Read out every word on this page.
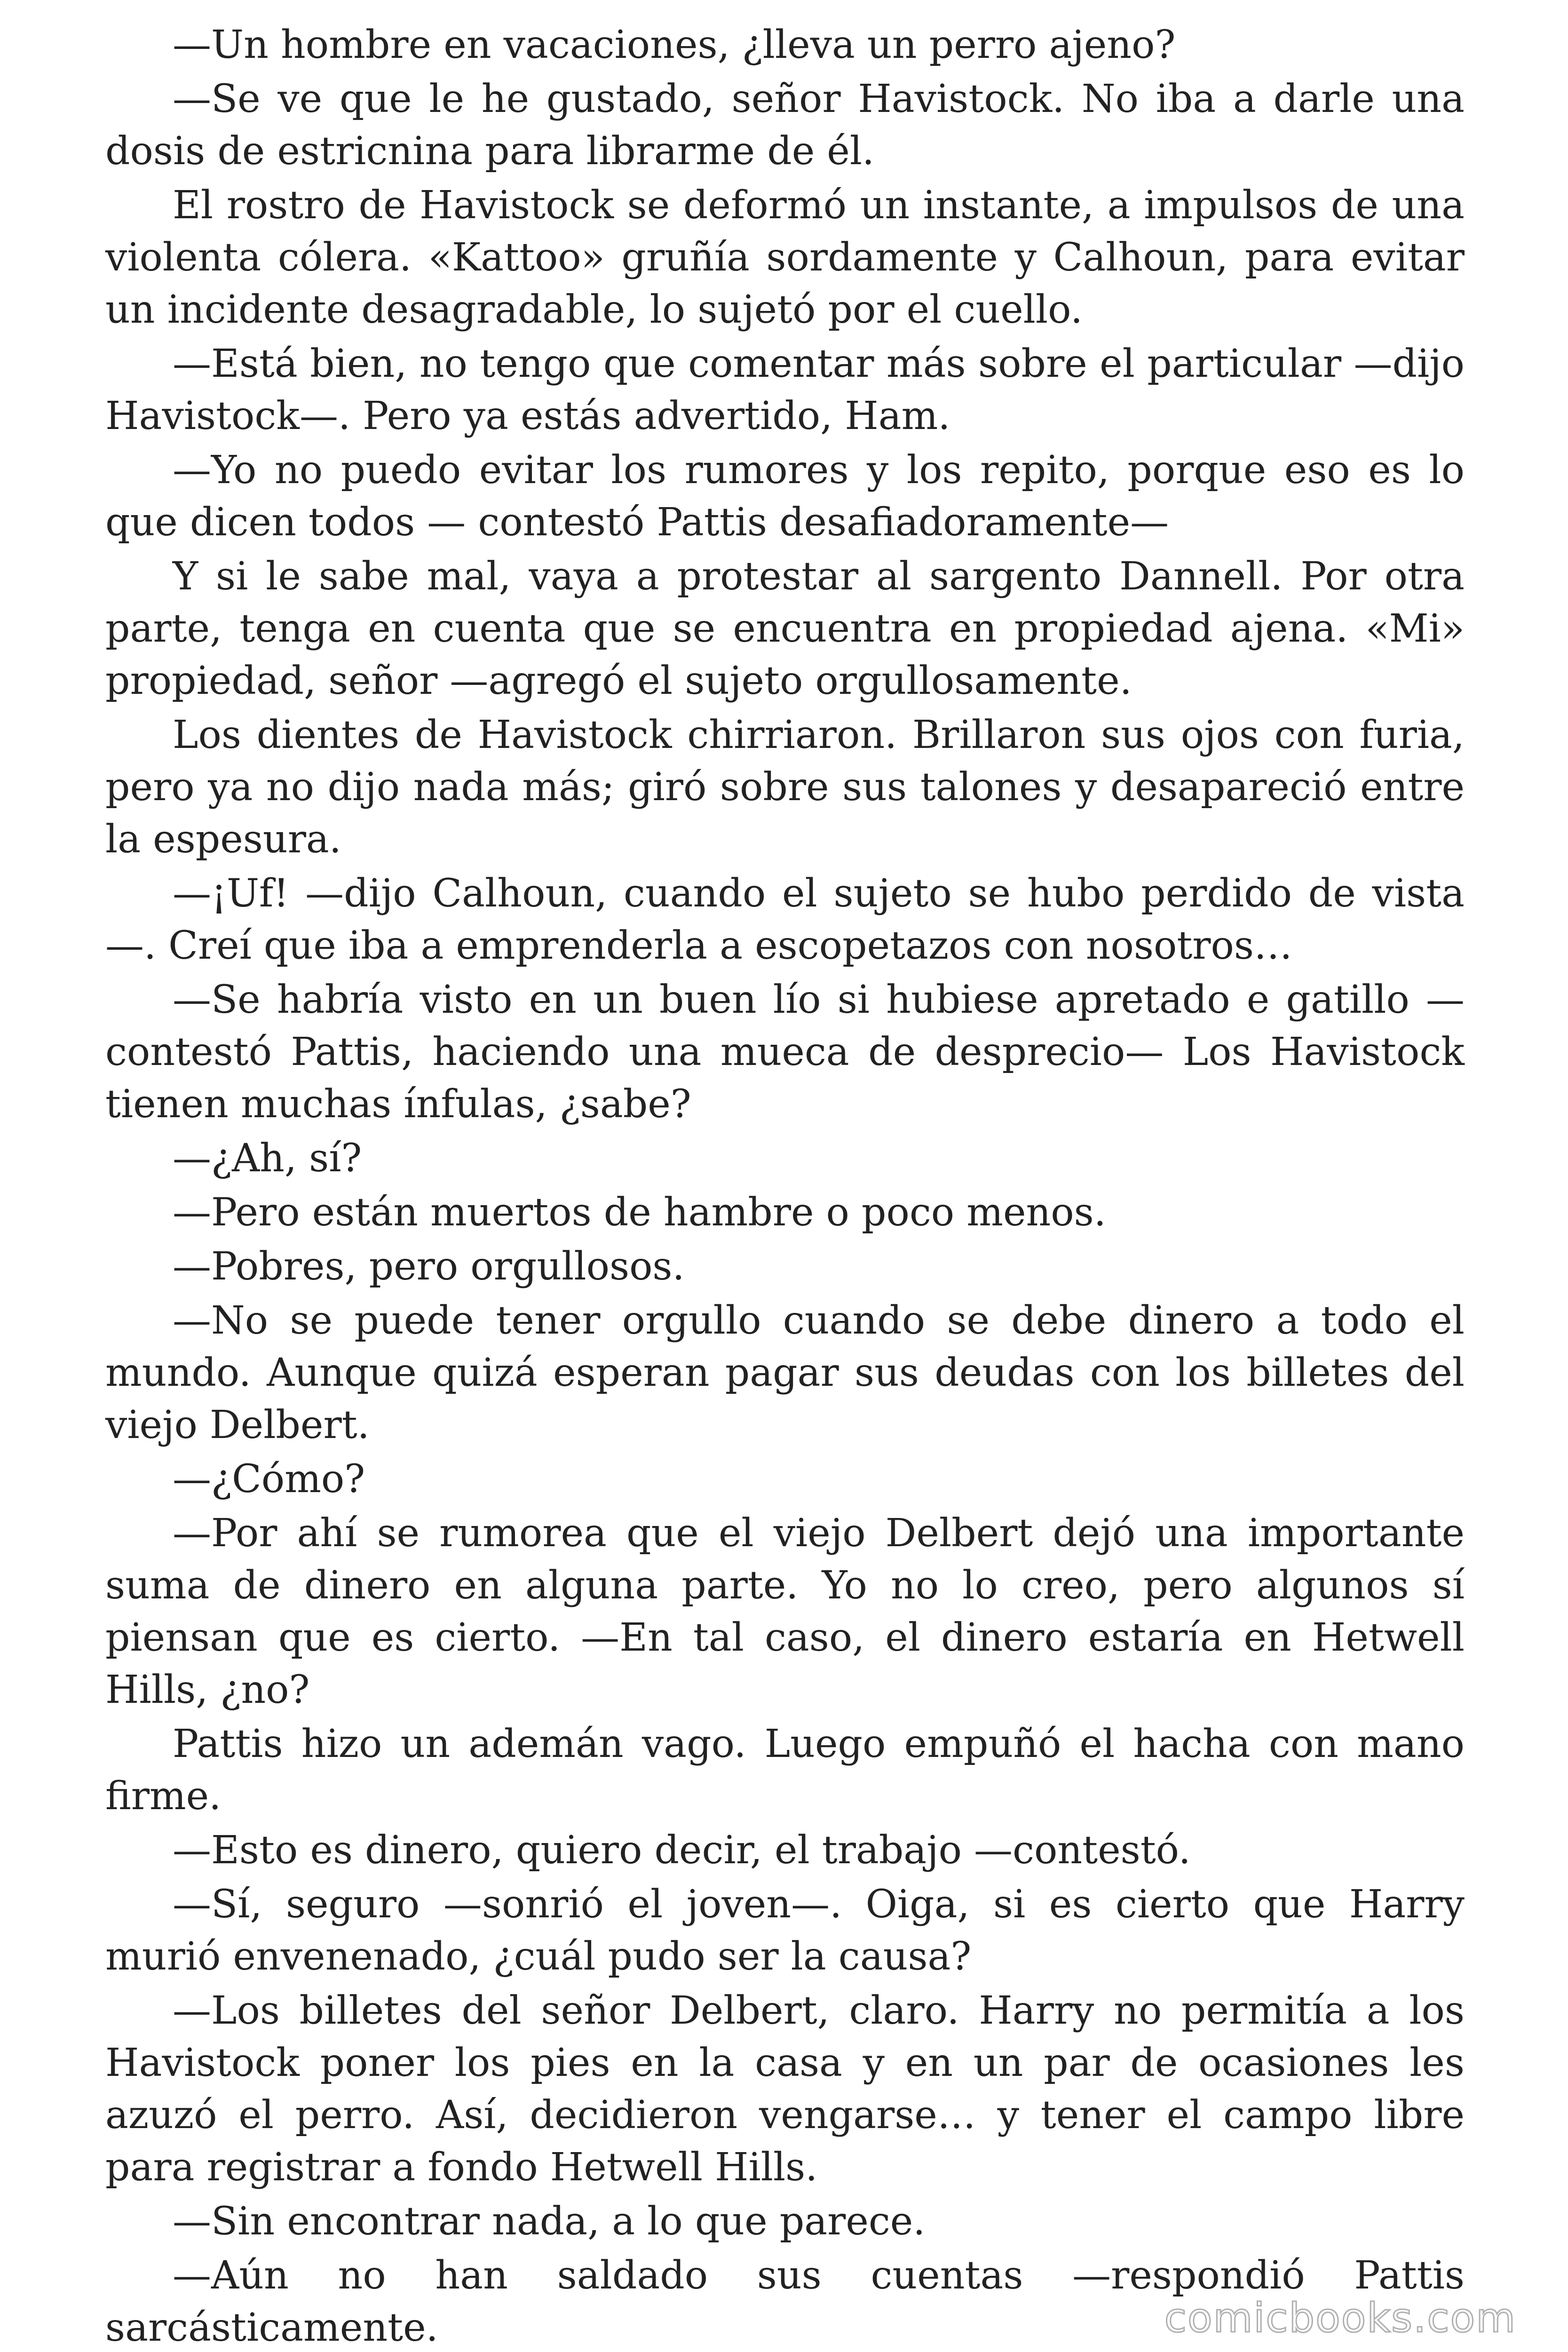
—Un hombre en vacaciones, ¿lleva un perro ajeno?

—Se ve que le he gustado, señor Havistock. No iba a darle una dosis de estricnina para librarme de él.

El rostro de Havistock se deformó un instante, a impulsos de una violenta cólera. «Kattoo» gruñía sordamente y Calhoun, para evitar un incidente desagradable, lo sujetó por el cuello.

—Está bien, no tengo que comentar más sobre el particular —dijo Havistock—. Pero ya estás advertido, Ham.

—Yo no puedo evitar los rumores y los repito, porque eso es lo que dicen todos — contestó Pattis desafiadoramente—

Y si le sabe mal, vaya a protestar al sargento Dannell. Por otra parte, tenga en cuenta que se encuentra en propiedad ajena. «Mi» propiedad, señor —agregó el sujeto orgullosamente.

Los dientes de Havistock chirriaron. Brillaron sus ojos con furia, pero ya no dijo nada más; giró sobre sus talones y desapareció entre la espesura.

—¡Uf! —dijo Calhoun, cuando el sujeto se hubo perdido de vista—. Creí que iba a emprenderla a escopetazos con nosotros…

—Se habría visto en un buen lío si hubiese apretado e gatillo — contestó Pattis, haciendo una mueca de desprecio— Los Havistock tienen muchas ínfulas, ¿sabe?

—¿Ah, sí?

—Pero están muertos de hambre o poco menos.

—Pobres, pero orgullosos.

—No se puede tener orgullo cuando se debe dinero a todo el mundo. Aunque quizá esperan pagar sus deudas con los billetes del viejo Delbert.

—¿Cómo?

—Por ahí se rumorea que el viejo Delbert dejó una importante suma de dinero en alguna parte. Yo no lo creo, pero algunos sí piensan que es cierto. —En tal caso, el dinero estaría en Hetwell Hills, ¿no?

Pattis hizo un ademán vago. Luego empuñó el hacha con mano firme.

—Esto es dinero, quiero decir, el trabajo —contestó.

—Sí, seguro —sonrió el joven—. Oiga, si es cierto que Harry murió envenenado, ¿cuál pudo ser la causa?

—Los billetes del señor Delbert, claro. Harry no permitía a los Havistock poner los pies en la casa y en un par de ocasiones les azuzó el perro. Así, decidieron vengarse… y tener el campo libre para registrar a fondo Hetwell Hills.

—Sin encontrar nada, a lo que parece.

—Aún no han saldado sus cuentas —respondió Pattis sarcásticamente.	comicbooks.com
